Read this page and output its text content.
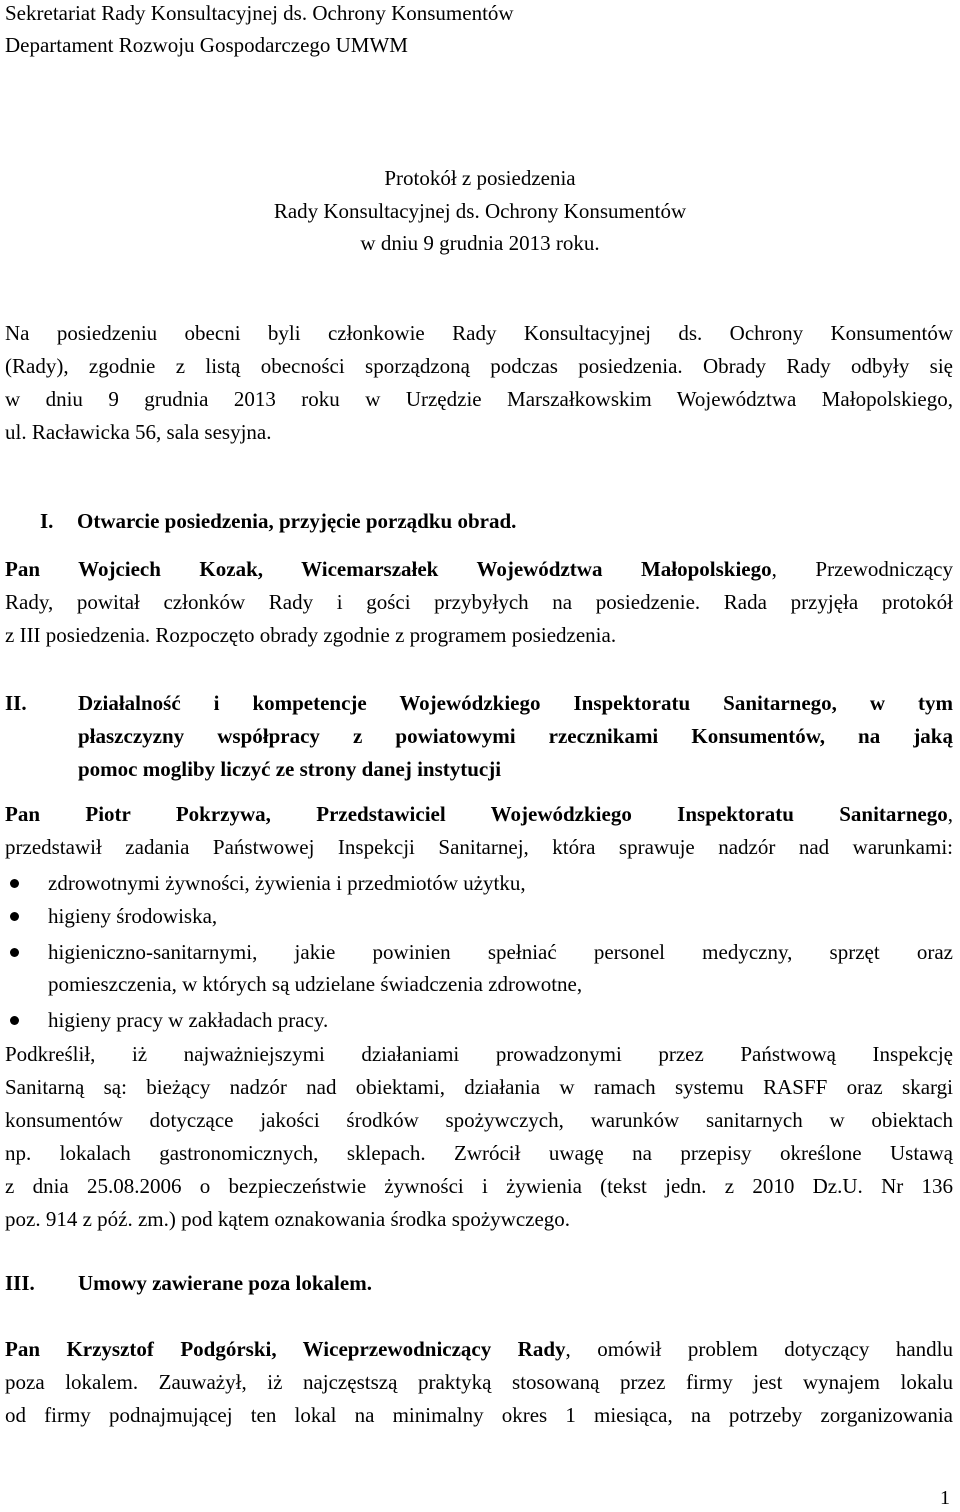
Sekretariat Rady Konsultacyjnej ds. Ochrony Konsumentów
Departament Rozwoju Gospodarczego UMWM
Protokół z posiedzenia
Rady Konsultacyjnej ds. Ochrony Konsumentów
w dniu 9 grudnia 2013 roku.
Na posiedzeniu obecni byli członkowie Rady Konsultacyjnej ds. Ochrony Konsumentów
(Rady), zgodnie z listą obecności sporządzoną podczas posiedzenia. Obrady Rady odbyły się
w dniu 9 grudnia 2013 roku w Urzędzie Marszałkowskim Województwa Małopolskiego,
ul. Racławicka 56, sala sesyjna.
I. Otwarcie posiedzenia, przyjęcie porządku obrad.
Pan Wojciech Kozak, Wicemarszałek Województwa Małopolskiego, Przewodniczący
Rady, powitał członków Rady i gości przybyłych na posiedzenie. Rada przyjęła protokół
z III posiedzenia. Rozpoczęto obrady zgodnie z programem posiedzenia.
II. Działalność i kompetencje Wojewódzkiego Inspektoratu Sanitarnego, w tym
płaszczyzny współpracy z powiatowymi rzecznikami Konsumentów, na jaką
pomoc mogliby liczyć ze strony danej instytucji
Pan Piotr Pokrzywa, Przedstawiciel Wojewódzkiego Inspektoratu Sanitarnego,
przedstawił zadania Państwowej Inspekcji Sanitarnej, która sprawuje nadzór nad warunkami:
zdrowotnymi żywności, żywienia i przedmiotów użytku,
higieny środowiska,
higieniczno-sanitarnymi, jakie powinien spełniać personel medyczny, sprzęt oraz
pomieszczenia, w których są udzielane świadczenia zdrowotne,
higieny pracy w zakładach pracy.
Podkreślił, iż najważniejszymi działaniami prowadzonymi przez Państwową Inspekcję
Sanitarną są: bieżący nadzór nad obiektami, działania w ramach systemu RASFF oraz skargi
konsumentów dotyczące jakości środków spożywczych, warunków sanitarnych w obiektach
np. lokalach gastronomicznych, sklepach. Zwrócił uwagę na przepisy określone Ustawą
z dnia 25.08.2006 o bezpieczeństwie żywności i żywienia (tekst jedn. z 2010 Dz.U. Nr 136
poz. 914 z póź. zm.) pod kątem oznakowania środka spożywczego.
III. Umowy zawierane poza lokalem.
Pan Krzysztof Podgórski, Wiceprzewodniczący Rady, omówił problem dotyczący handlu
poza lokalem. Zauważył, iż najczęstszą praktyką stosowaną przez firmy jest wynajem lokalu
od firmy podnajmującej ten lokal na minimalny okres 1 miesiąca, na potrzeby zorganizowania
1
